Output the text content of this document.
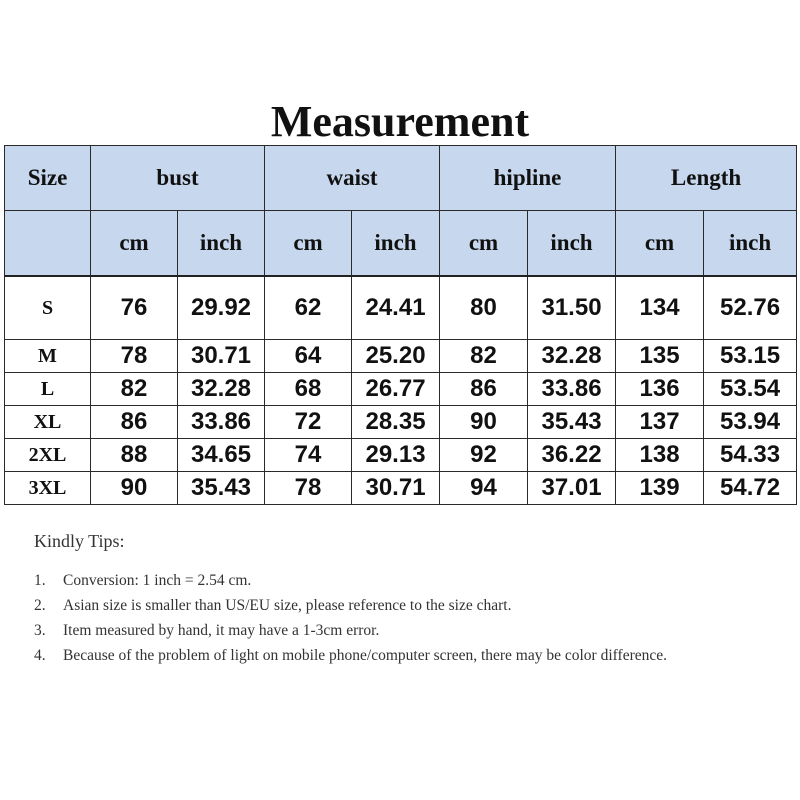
Measurement
Size	bust		waist		hipline		Length	
	cm	inch	cm	inch	cm	inch	cm	inch
S	76	29.92	62	24.41	80	31.50	134	52.76
M	78	30.71	64	25.20	82	32.28	135	53.15
L	82	32.28	68	26.77	86	33.86	136	53.54
XL	86	33.86	72	28.35	90	35.43	137	53.94
2XL	88	34.65	74	29.13	92	36.22	138	54.33
3XL	90	35.43	78	30.71	94	37.01	139	54.72
Kindly Tips:
1. Conversion: 1 inch = 2.54 cm.
2. Asian size is smaller than US/EU size, please reference to the size chart.
3. Item measured by hand, it may have a 1-3cm error.
4. Because of the problem of light on mobile phone/computer screen, there may be color difference.
